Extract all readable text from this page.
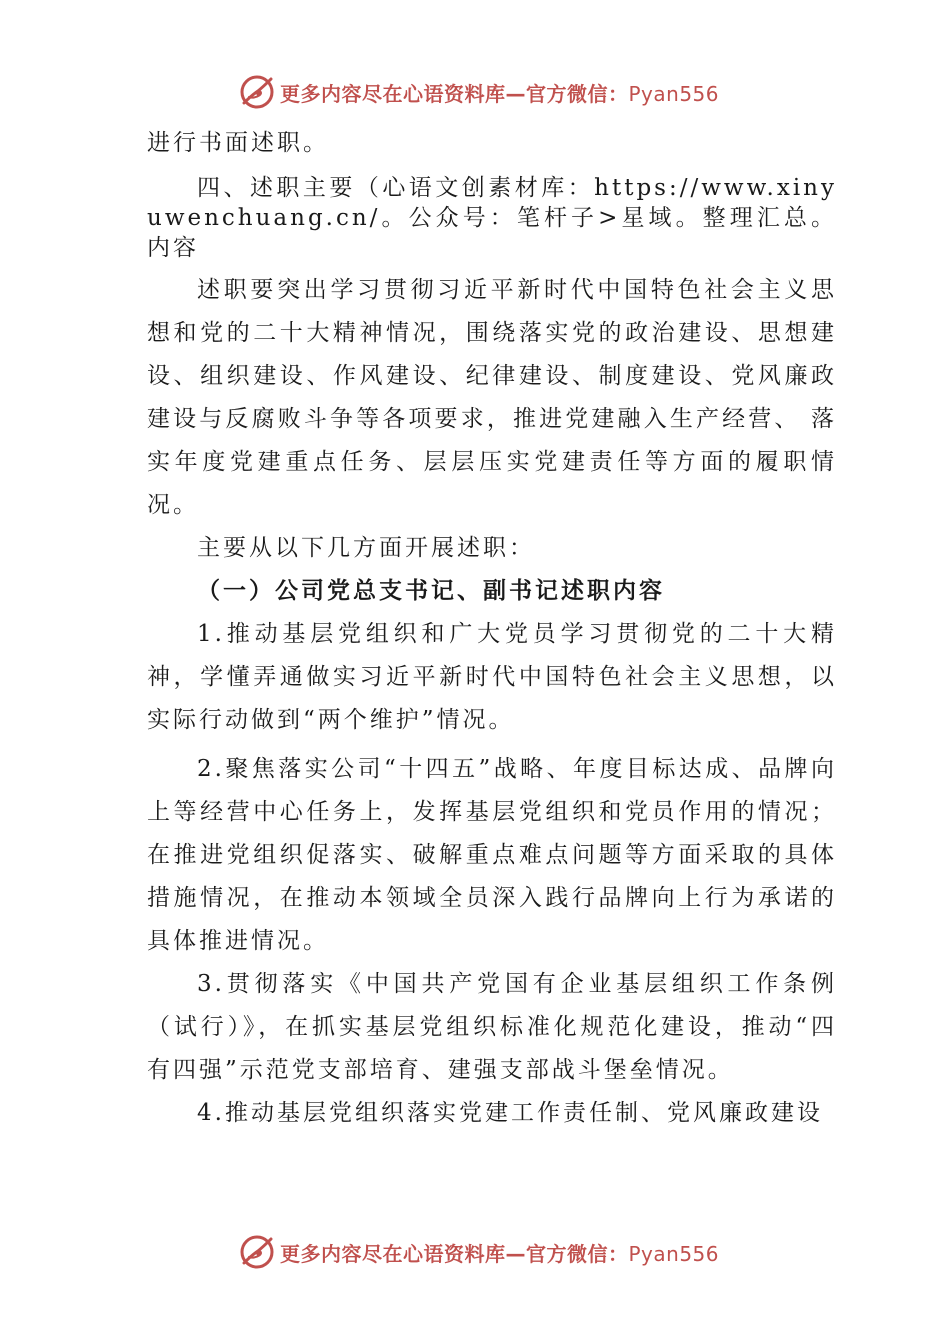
更多内容尽在心语资料库—官方微信：Pyan556
进行书面述职。
四、述职主要（心语文创素材库：https://www.xinyuwenchuang.cn/。公众号：笔杆子>星域。整理汇总。内容
述职要突出学习贯彻习近平新时代中国特色社会主义思想和党的二十大精神情况，围绕落实党的政治建设、思想建设、组织建设、作风建设、纪律建设、制度建设、党风廉政建设与反腐败斗争等各项要求，推进党建融入生产经营、 落实年度党建重点任务、层层压实党建责任等方面的履职情况。
主要从以下几方面开展述职：
（一）公司党总支书记、副书记述职内容
1.推动基层党组织和广大党员学习贯彻党的二十大精神，学懂弄通做实习近平新时代中国特色社会主义思想，以实际行动做到“两个维护”情况。
2.聚焦落实公司“十四五”战略、年度目标达成、品牌向上等经营中心任务上，发挥基层党组织和党员作用的情况；在推进党组织促落实、破解重点难点问题等方面采取的具体措施情况，在推动本领域全员深入践行品牌向上行为承诺的具体推进情况。
3.贯彻落实《中国共产党国有企业基层组织工作条例（试行）》，在抓实基层党组织标准化规范化建设，推动“四有四强”示范党支部培育、建强支部战斗堡垒情况。
4.推动基层党组织落实党建工作责任制、党风廉政建设
更多内容尽在心语资料库—官方微信：Pyan556
